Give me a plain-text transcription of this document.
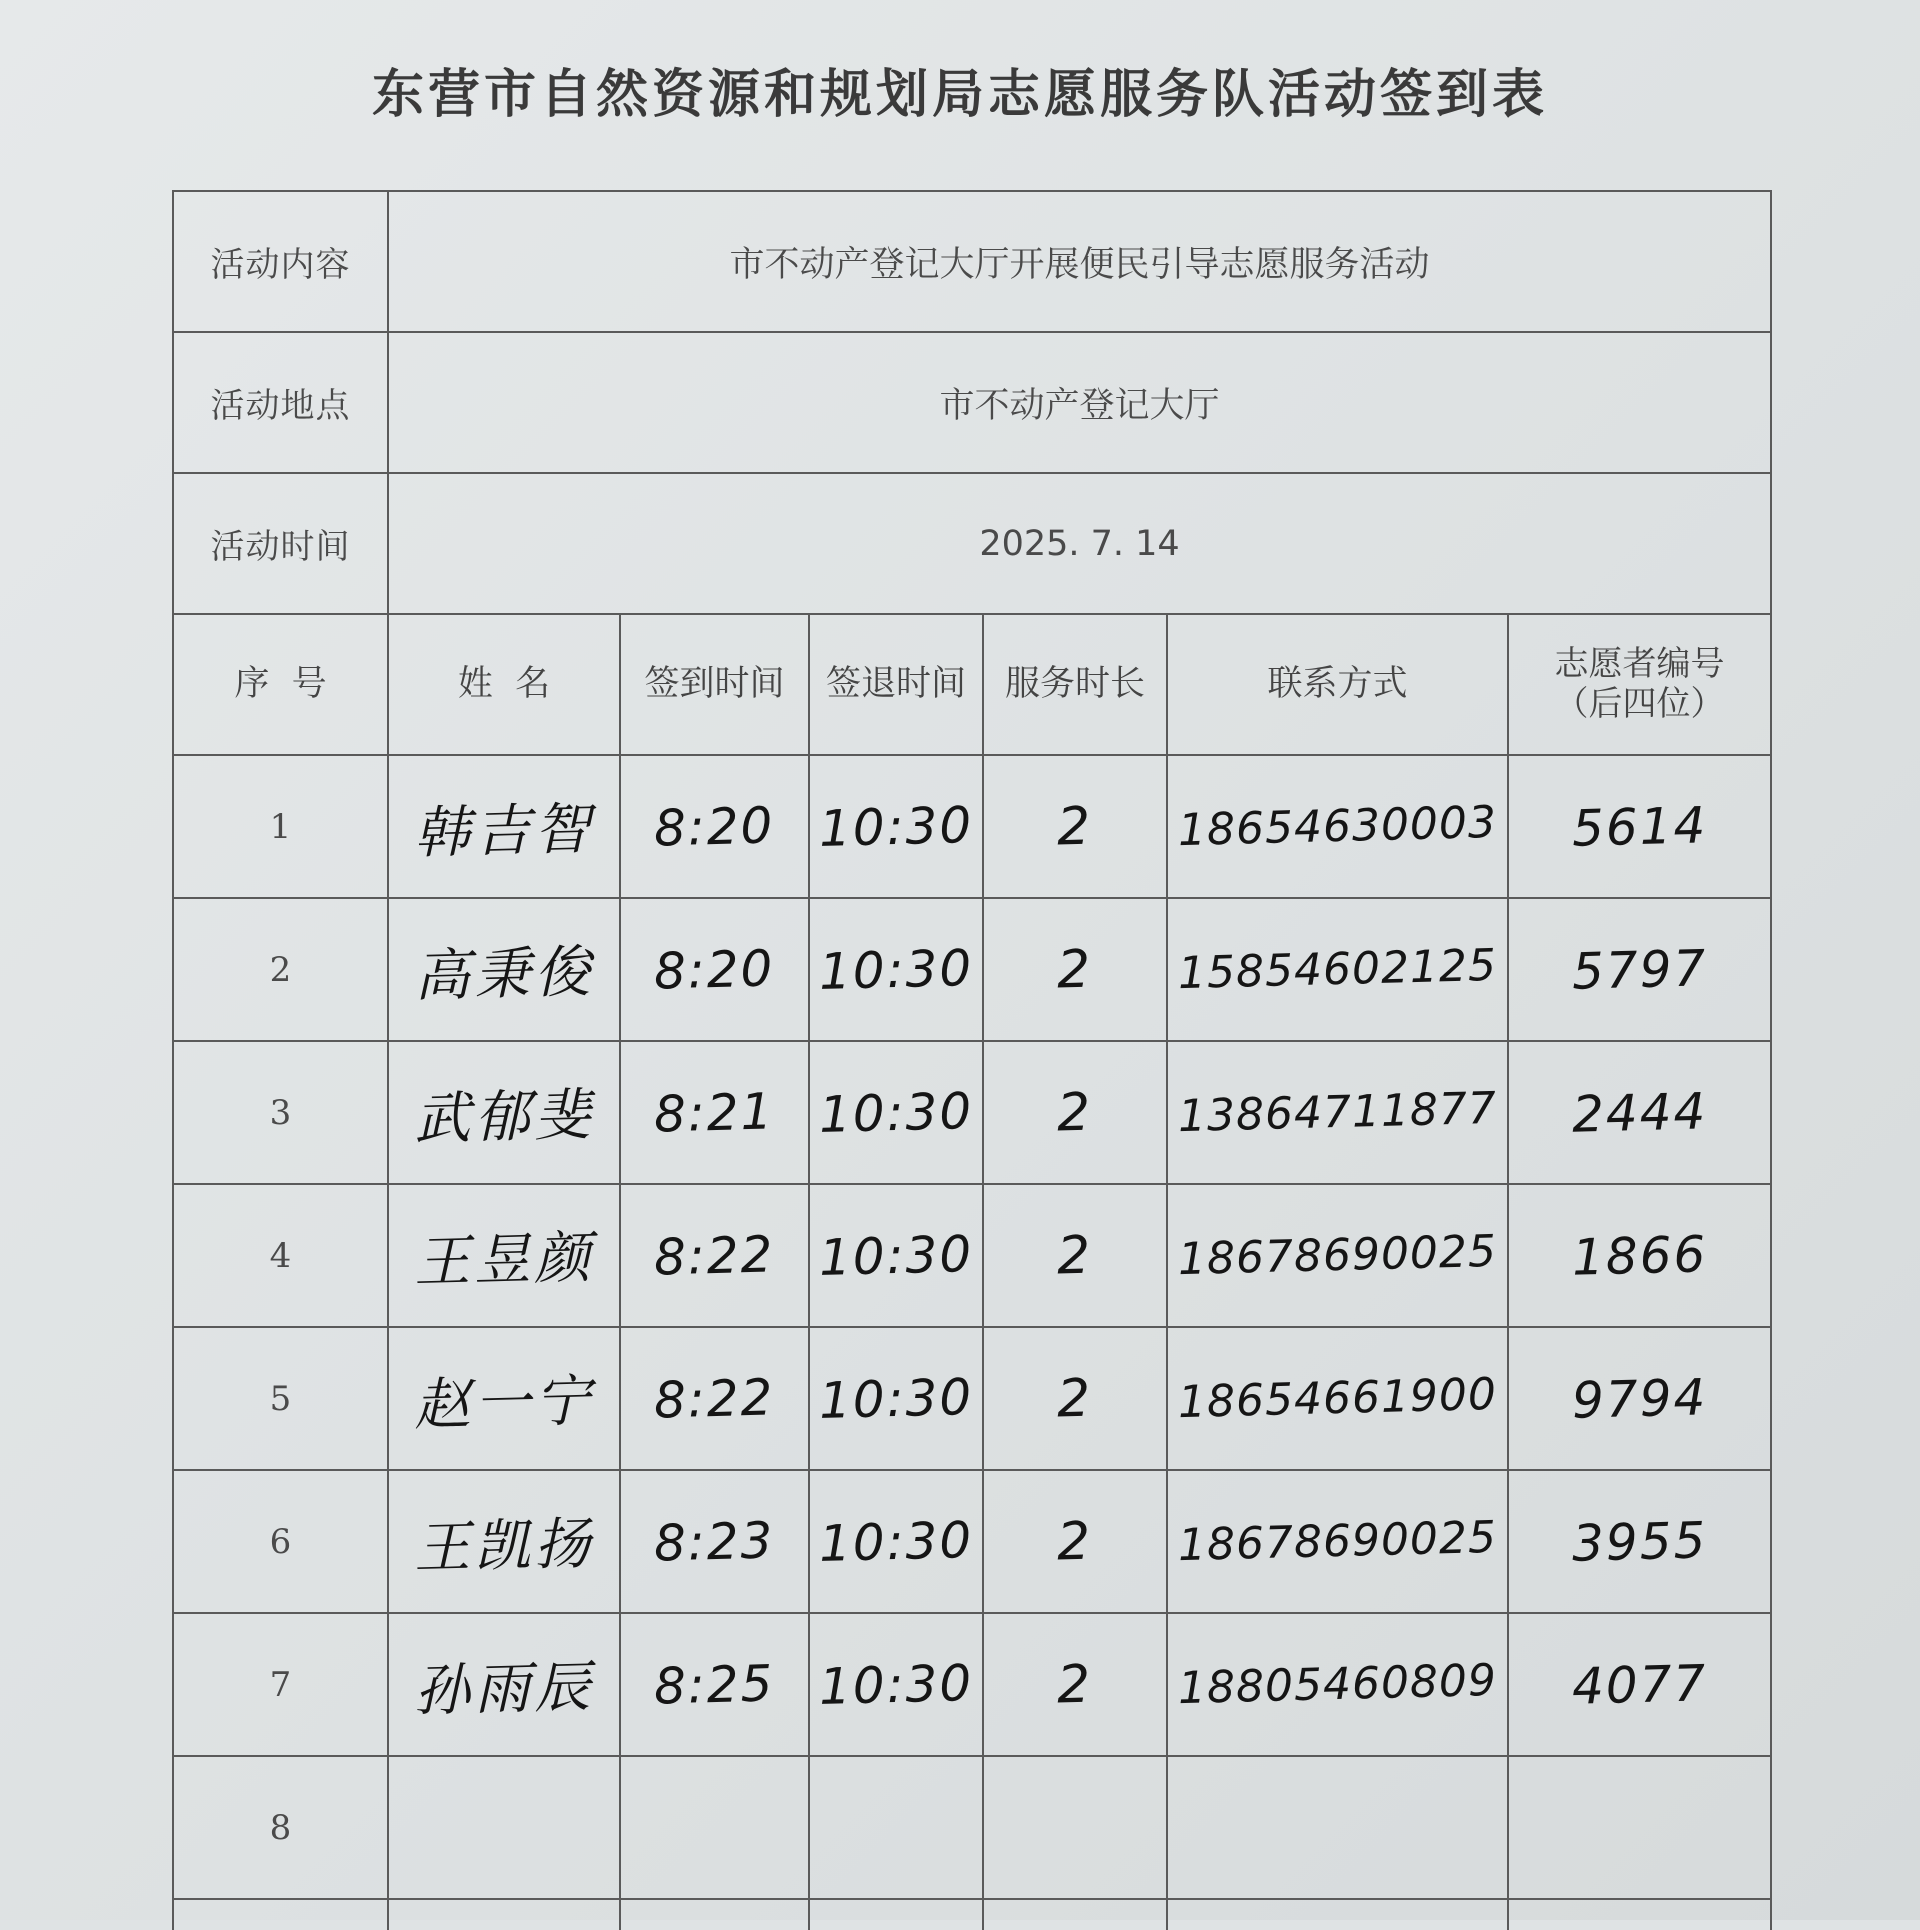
东营市自然资源和规划局志愿服务队活动签到表
活动内容	市不动产登记大厅开展便民引导志愿服务活动					
活动地点	市不动产登记大厅					
活动时间	2025. 7. 14					
序  号	姓  名	签到时间	签退时间	服务时长	联系方式	志愿者编号
（后四位）

1	韩吉智	8:20	10:30	2	18654630003	5614
2	高秉俊	8:20	10:30	2	15854602125	5797
3	武郁斐	8:21	10:30	2	13864711877	2444
4	王昱颜	8:22	10:30	2	18678690025	1866
5	赵一宁	8:22	10:30	2	18654661900	9794
6	王凯扬	8:23	10:30	2	18678690025	3955
7	孙雨辰	8:25	10:30	2	18805460809	4077
8						
